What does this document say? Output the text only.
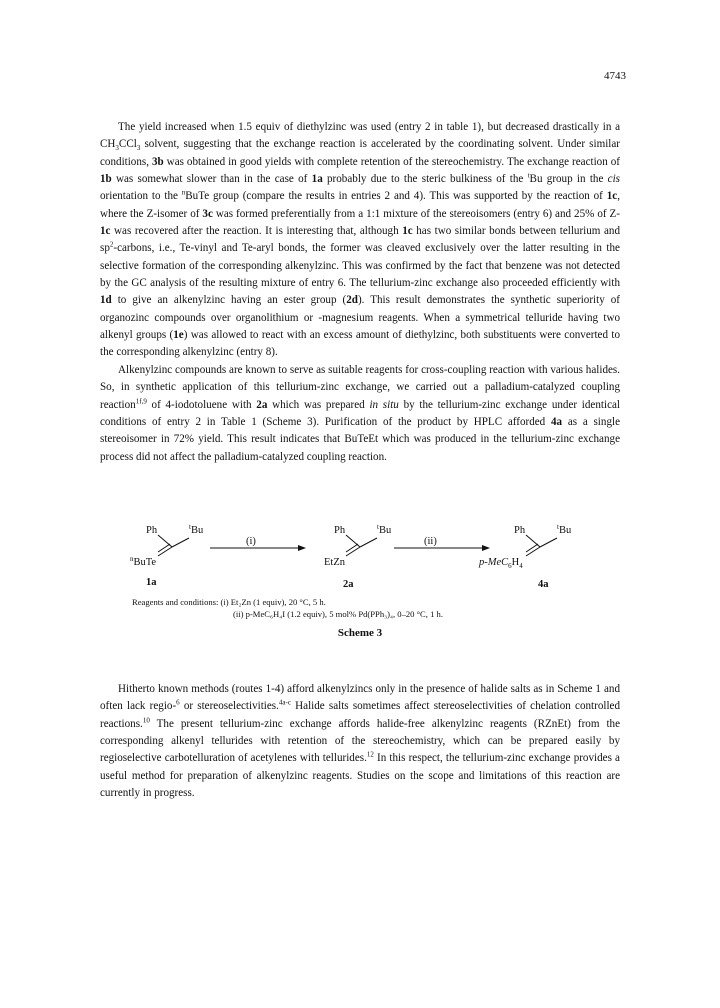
4743

The yield increased when 1.5 equiv of diethylzinc was used (entry 2 in table 1), but decreased drastically in a $CH_3CCl_3$ solvent, suggesting that the exchange reaction is accelerated by the coordinating solvent. Under similar conditions, 3b was obtained in good yields with complete retention of the stereochemistry. The exchange reaction of 1b was somewhat slower than in the case of 1a probably due to the steric bulkiness of the $^t$Bu group in the cis orientation to the $^n$BuTe group (compare the results in entries 2 and 4). This was supported by the reaction of 1c, where the Z-isomer of 3c was formed preferentially from a 1:1 mixture of the stereoisomers (entry 6) and 25% of Z-1c was recovered after the reaction. It is interesting that, although 1c has two similar bonds between tellurium and $sp^2$-carbons, i.e., Te-vinyl and Te-aryl bonds, the former was cleaved exclusively over the latter resulting in the selective formation of the corresponding alkenylzinc. This was confirmed by the fact that benzene was not detected by the GC analysis of the resulting mixture of entry 6. The tellurium-zinc exchange also proceeded efficiently with 1d to give an alkenylzinc having an ester group (2d). This result demonstrates the synthetic superiority of organozinc compounds over organolithium or -magnesium reagents. When a symmetrical telluride having two alkenyl groups (1e) was allowed to react with an excess amount of diethylzinc, both substituents were converted to the corresponding alkenylzinc (entry 8).

Alkenylzinc compounds are known to serve as suitable reagents for cross-coupling reaction with various halides. So, in synthetic application of this tellurium-zinc exchange, we carried out a palladium-catalyzed coupling reaction$^{1f,9}$ of 4-iodotoluene with 2a which was prepared in situ by the tellurium-zinc exchange under identical conditions of entry 2 in Table 1 (Scheme 3). Purification of the product by HPLC afforded 4a as a single stereoisomer in 72% yield. This result indicates that BuTeEt which was produced in the tellurium-zinc exchange process did not affect the palladium-catalyzed coupling reaction.

Ph	$^t$Bu
$^n$BuTe
(i)
Ph	$^t$Bu
EtZn
(ii)
Ph	$^t$Bu
$p-MeC_6H_4$
1a	2a	4a
Reagents and conditions: (i) Et₂Zn (1 equiv), 20 °C, 5 h.
(ii) p-MeC₆H₄I (1.2 equiv), 5 mol% Pd(PPh₃)₄, 0–20 °C, 1 h.
Scheme 3

Hitherto known methods (routes 1-4) afford alkenylzincs only in the presence of halide salts as in Scheme 1 and often lack regio-$^6$ or stereoselectivities.$^{4a-c}$ Halide salts sometimes affect stereoselectivities of chelation controlled reactions.$^{10}$ The present tellurium-zinc exchange affords halide-free alkenylzinc reagents (RZnEt) from the corresponding alkenyl tellurides with retention of the stereochemistry, which can be prepared easily by regioselective carbotelluration of acetylenes with tellurides.$^{12}$ In this respect, the tellurium-zinc exchange provides a useful method for preparation of alkenylzinc reagents. Studies on the scope and limitations of this reaction are currently in progress.
